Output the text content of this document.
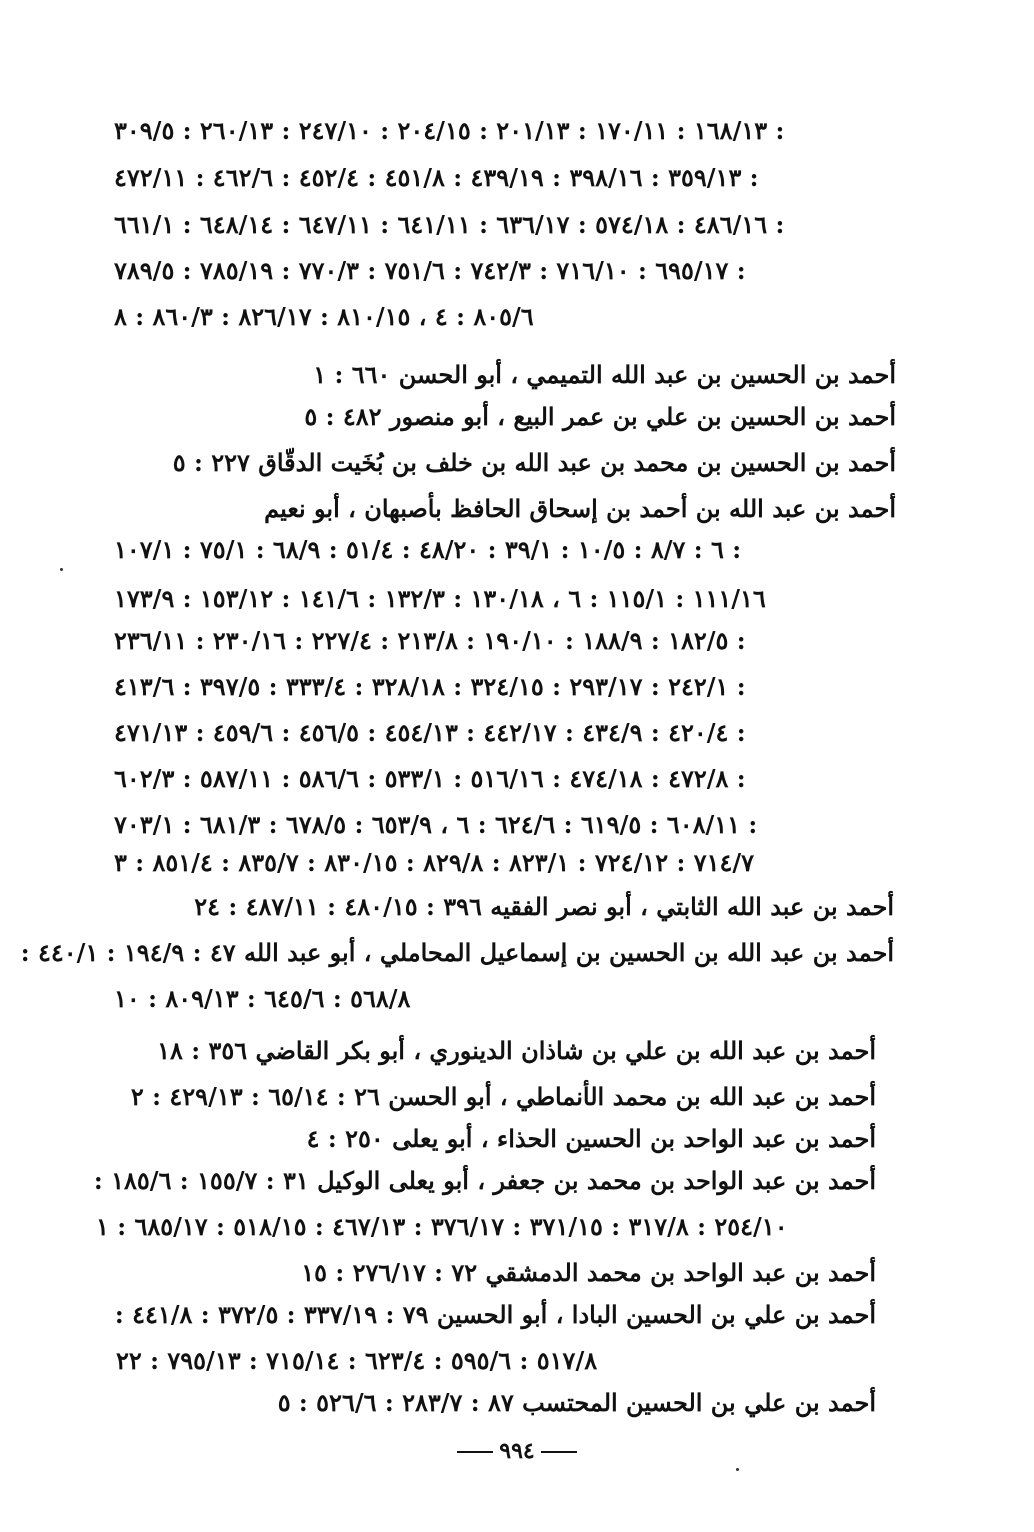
١٦٨/١٣ : ١٧٠/١١ : ٢٠١/١٣ : ٢٠٤/١٥ : ٢٤٧/١٠ : ٢٦٠/١٣ : ٣٠٩/٥ :
٣٥٩/١٣ : ٣٩٨/١٦ : ٤٣٩/١٩ : ٤٥١/٨ : ٤٥٢/٤ : ٤٦٢/٦ : ٤٧٢/١١ :
٤٨٦/١٦ : ٥٧٤/١٨ : ٦٣٦/١٧ : ٦٤١/١١ : ٦٤٧/١١ : ٦٤٨/١٤ : ٦٦١/١ :
٦٩٥/١٧ : ٧١٦/١٠ : ٧٤٢/٣ : ٧٥١/٦ : ٧٧٠/٣ : ٧٨٥/١٩ : ٧٨٩/٥ :
٨٠٥/٦ : ٤ ، ٨١٠/١٥ : ٨٢٦/١٧ : ٨٦٠/٣ : ٨
أحمد بن الحسين بن عبد الله التميمي ، أبو الحسن ٦٦٠ : ١
أحمد بن الحسين بن علي بن عمر البيع ، أبو منصور ٤٨٢ : ٥
أحمد بن الحسين بن محمد بن عبد الله بن خلف بن بُخَيت الدقّاق ٢٢٧ : ٥
أحمد بن عبد الله بن أحمد بن إسحاق الحافظ بأصبهان ، أبو نعيم
٦ : ٨/٧ : ١٠/٥ : ٣٩/١ : ٤٨/٢٠ : ٥١/٤ : ٦٨/٩ : ٧٥/١ : ١٠٧/١ :
١١١/١٦ : ١١٥/١ : ٦ ، ١٣٠/١٨ : ١٣٢/٣ : ١٤١/٦ : ١٥٣/١٢ : ١٧٣/٩
١٨٢/٥ : ١٨٨/٩ : ١٩٠/١٠ : ٢١٣/٨ : ٢٢٧/٤ : ٢٣٠/١٦ : ٢٣٦/١١ :
٢٤٢/١ : ٢٩٣/١٧ : ٣٢٤/١٥ : ٣٢٨/١٨ : ٣٣٣/٤ : ٣٩٧/٥ : ٤١٣/٦ :
٤٢٠/٤ : ٤٣٤/٩ : ٤٤٢/١٧ : ٤٥٤/١٣ : ٤٥٦/٥ : ٤٥٩/٦ : ٤٧١/١٣ :
٤٧٢/٨ : ٤٧٤/١٨ : ٥١٦/١٦ : ٥٣٣/١ : ٥٨٦/٦ : ٥٨٧/١١ : ٦٠٢/٣ :
٦٠٨/١١ : ٦١٩/٥ : ٦٢٤/٦ : ٦ ، ٦٥٣/٩ : ٦٧٨/٥ : ٦٨١/٣ : ٧٠٣/١ :
٧١٤/٧ : ٧٢٤/١٢ : ٨٢٣/١ : ٨٢٩/٨ : ٨٣٠/١٥ : ٨٣٥/٧ : ٨٥١/٤ : ٣
أحمد بن عبد الله الثابتي ، أبو نصر الفقيه ٣٩٦ : ٤٨٠/١٥ : ٤٨٧/١١ : ٢٤
أحمد بن عبد الله بن الحسين بن إسماعيل المحاملي ، أبو عبد الله ٤٧ : ١٩٤/٩ : ٤٤٠/١ :
٥٦٨/٨ : ٦٤٥/٦ : ٨٠٩/١٣ : ١٠
أحمد بن عبد الله بن علي بن شاذان الدينوري ، أبو بكر القاضي ٣٥٦ : ١٨
أحمد بن عبد الله بن محمد الأنماطي ، أبو الحسن ٢٦ : ٦٥/١٤ : ٤٢٩/١٣ : ٢
أحمد بن عبد الواحد بن الحسين الحذاء ، أبو يعلى ٢٥٠ : ٤
أحمد بن عبد الواحد بن محمد بن جعفر ، أبو يعلى الوكيل ٣١ : ١٥٥/٧ : ١٨٥/٦ :
٢٥٤/١٠ : ٣١٧/٨ : ٣٧١/١٥ : ٣٧٦/١٧ : ٤٦٧/١٣ : ٥١٨/١٥ : ٦٨٥/١٧ : ١
أحمد بن عبد الواحد بن محمد الدمشقي ٧٢ : ٢٧٦/١٧ : ١٥
أحمد بن علي بن الحسين البادا ، أبو الحسين ٧٩ : ٣٣٧/١٩ : ٣٧٢/٥ : ٤٤١/٨ :
٥١٧/٨ : ٥٩٥/٦ : ٦٢٣/٤ : ٧١٥/١٤ : ٧٩٥/١٣ : ٢٢
أحمد بن علي بن الحسين المحتسب ٨٧ : ٢٨٣/٧ : ٥٢٦/٦ : ٥
٩٩٤
